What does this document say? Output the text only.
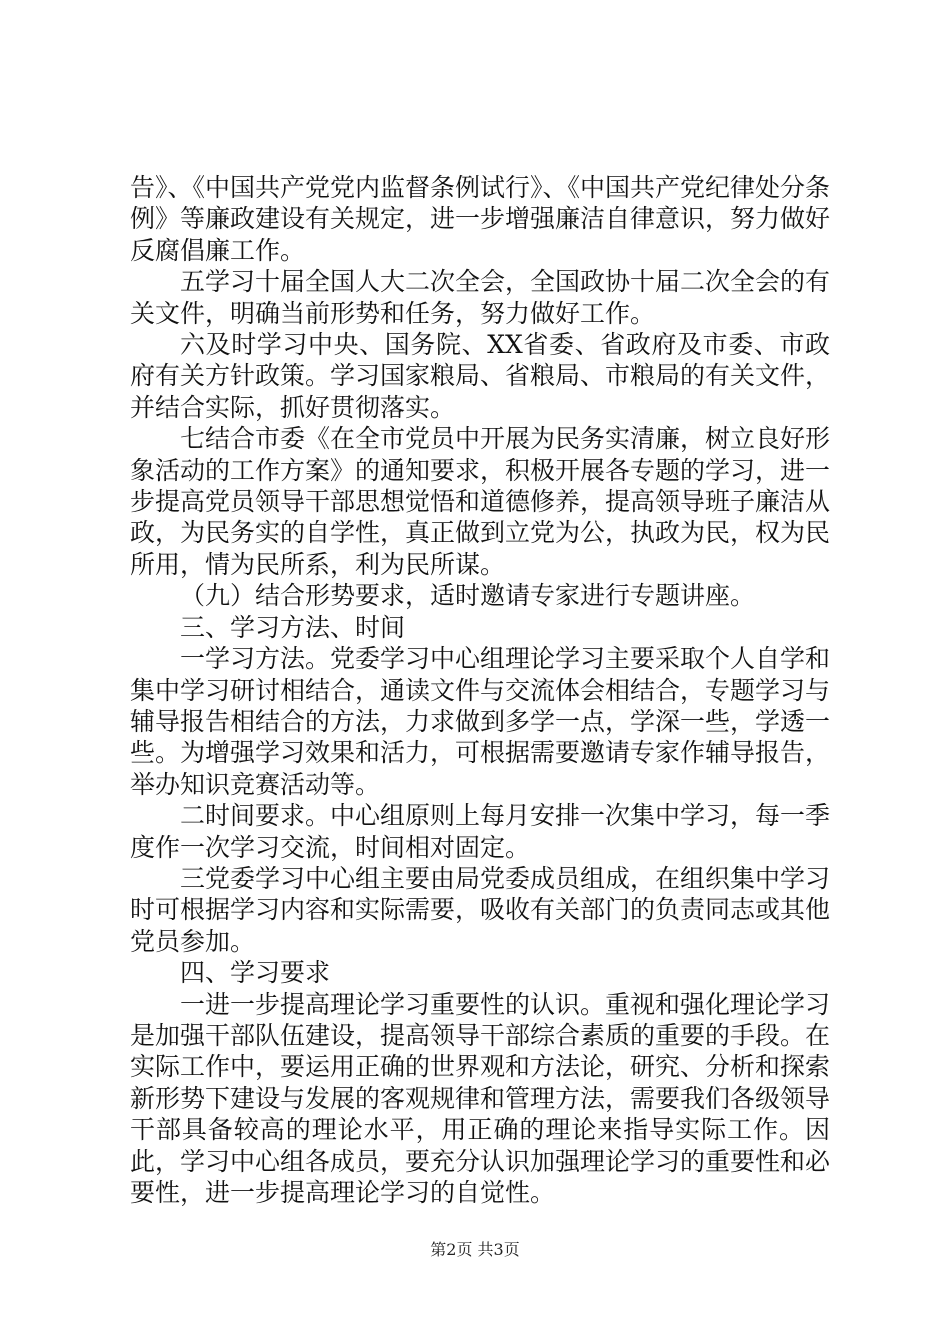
告》、《中国共产党党内监督条例试行》、《中国共产党纪律处分条例》等廉政建设有关规定，进一步增强廉洁自律意识，努力做好反腐倡廉工作。

五学习十届全国人大二次全会，全国政协十届二次全会的有关文件，明确当前形势和任务，努力做好工作。

六及时学习中央、国务院、XX省委、省政府及市委、市政府有关方针政策。学习国家粮局、省粮局、市粮局的有关文件，并结合实际，抓好贯彻落实。

七结合市委《在全市党员中开展为民务实清廉，树立良好形象活动的工作方案》的通知要求，积极开展各专题的学习，进一步提高党员领导干部思想觉悟和道德修养，提高领导班子廉洁从政，为民务实的自学性，真正做到立党为公，执政为民，权为民所用，情为民所系，利为民所谋。

（九）结合形势要求，适时邀请专家进行专题讲座。

三、学习方法、时间

一学习方法。党委学习中心组理论学习主要采取个人自学和集中学习研讨相结合，通读文件与交流体会相结合，专题学习与辅导报告相结合的方法，力求做到多学一点，学深一些，学透一些。为增强学习效果和活力，可根据需要邀请专家作辅导报告，举办知识竞赛活动等。

二时间要求。中心组原则上每月安排一次集中学习，每一季度作一次学习交流，时间相对固定。

三党委学习中心组主要由局党委成员组成，在组织集中学习时可根据学习内容和实际需要，吸收有关部门的负责同志或其他党员参加。

四、学习要求

一进一步提高理论学习重要性的认识。重视和强化理论学习是加强干部队伍建设，提高领导干部综合素质的重要的手段。在实际工作中，要运用正确的世界观和方法论，研究、分析和探索新形势下建设与发展的客观规律和管理方法，需要我们各级领导干部具备较高的理论水平，用正确的理论来指导实际工作。因此，学习中心组各成员，要充分认识加强理论学习的重要性和必要性，进一步提高理论学习的自觉性。

第2页 共3页
